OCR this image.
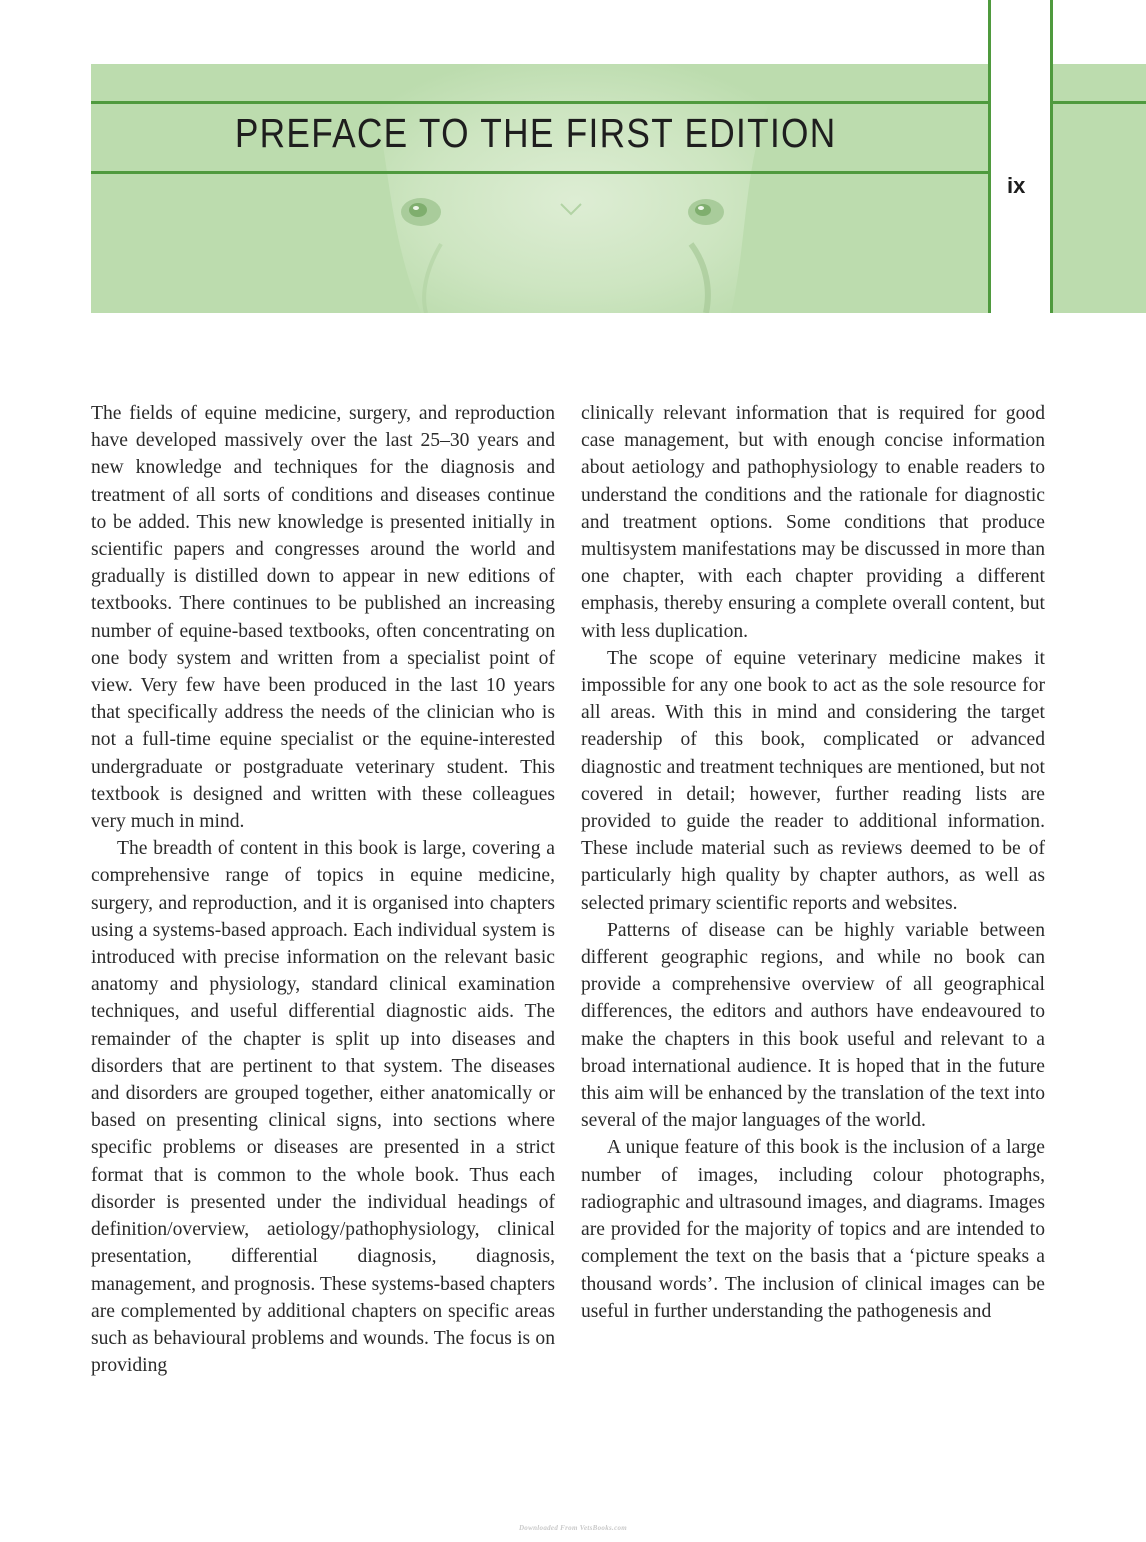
PREFACE TO THE FIRST EDITION

ix

The fields of equine medicine, surgery, and reproduction have developed massively over the last 25–30 years and new knowledge and techniques for the diagnosis and treatment of all sorts of conditions and diseases continue to be added. This new knowledge is presented initially in scientific papers and congresses around the world and gradually is distilled down to appear in new editions of textbooks. There continues to be published an increasing number of equine-based textbooks, often concentrating on one body system and written from a specialist point of view. Very few have been produced in the last 10 years that specifically address the needs of the clinician who is not a full-time equine specialist or the equine-interested undergraduate or postgraduate veterinary student. This textbook is designed and written with these colleagues very much in mind.

The breadth of content in this book is large, covering a comprehensive range of topics in equine medicine, surgery, and reproduction, and it is organised into chapters using a systems-based approach. Each individual system is introduced with precise information on the relevant basic anatomy and physiology, standard clinical examination techniques, and useful differential diagnostic aids. The remainder of the chapter is split up into diseases and disorders that are pertinent to that system. The diseases and disorders are grouped together, either anatomically or based on presenting clinical signs, into sections where specific problems or diseases are presented in a strict format that is common to the whole book. Thus each disorder is presented under the individual headings of definition/overview, aetiology/pathophysiology, clinical presentation, differential diagnosis, diagnosis, management, and prognosis. These systems-based chapters are complemented by additional chapters on specific areas such as behavioural problems and wounds. The focus is on providing

clinically relevant information that is required for good case management, but with enough concise information about aetiology and pathophysiology to enable readers to understand the conditions and the rationale for diagnostic and treatment options. Some conditions that produce multisystem manifestations may be discussed in more than one chapter, with each chapter providing a different emphasis, thereby ensuring a complete overall content, but with less duplication.

The scope of equine veterinary medicine makes it impossible for any one book to act as the sole resource for all areas. With this in mind and considering the target readership of this book, complicated or advanced diagnostic and treatment techniques are mentioned, but not covered in detail; however, further reading lists are provided to guide the reader to additional information. These include material such as reviews deemed to be of particularly high quality by chapter authors, as well as selected primary scientific reports and websites.

Patterns of disease can be highly variable between different geographic regions, and while no book can provide a comprehensive overview of all geographical differences, the editors and authors have endeavoured to make the chapters in this book useful and relevant to a broad international audience. It is hoped that in the future this aim will be enhanced by the translation of the text into several of the major languages of the world.

A unique feature of this book is the inclusion of a large number of images, including colour photographs, radiographic and ultrasound images, and diagrams. Images are provided for the majority of topics and are intended to complement the text on the basis that a ‘picture speaks a thousand words’. The inclusion of clinical images can be useful in further understanding the pathogenesis and

Downloaded From VetsBooks.com
